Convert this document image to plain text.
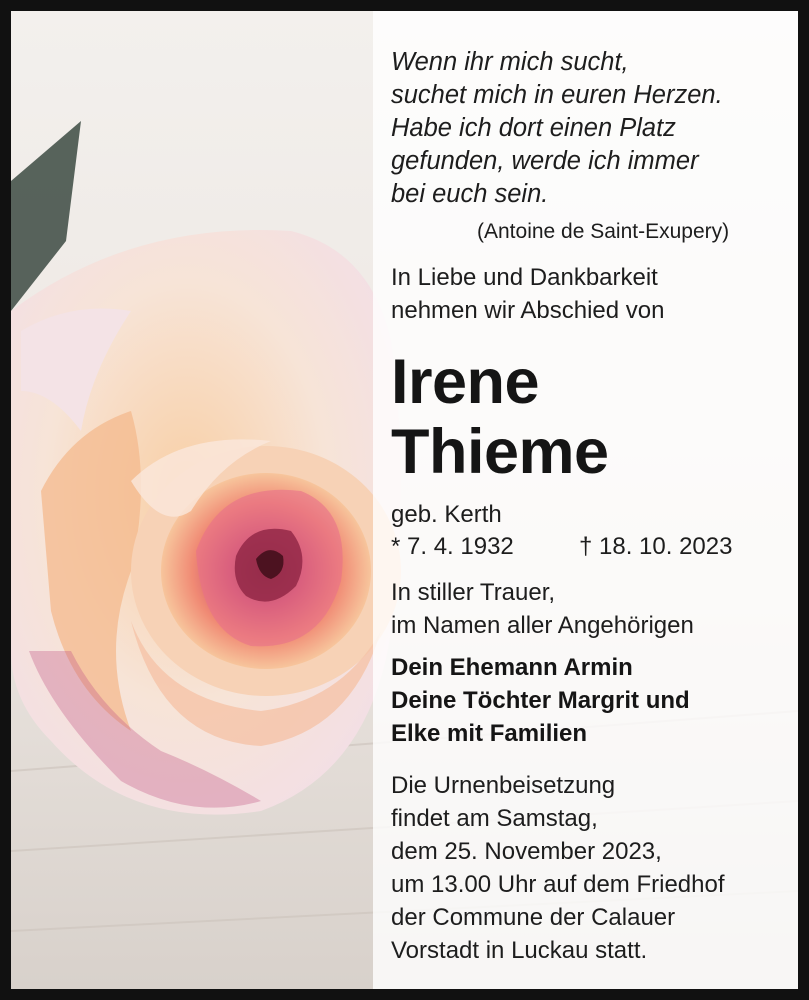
Wenn ihr mich sucht,
suchet mich in euren Herzen.
Habe ich dort einen Platz
gefunden, werde ich immer
bei euch sein.
(Antoine de Saint-Exupery)
In Liebe und Dankbarkeit
nehmen wir Abschied von
Irene
Thieme
geb. Kerth
* 7. 4. 1932	† 18. 10. 2023
In stiller Trauer,
im Namen aller Angehörigen
Dein Ehemann Armin
Deine Töchter Margrit und
Elke mit Familien
Die Urnenbeisetzung
findet am Samstag,
dem 25. November 2023,
um 13.00 Uhr auf dem Friedhof
der Commune der Calauer
Vorstadt in Luckau statt.
